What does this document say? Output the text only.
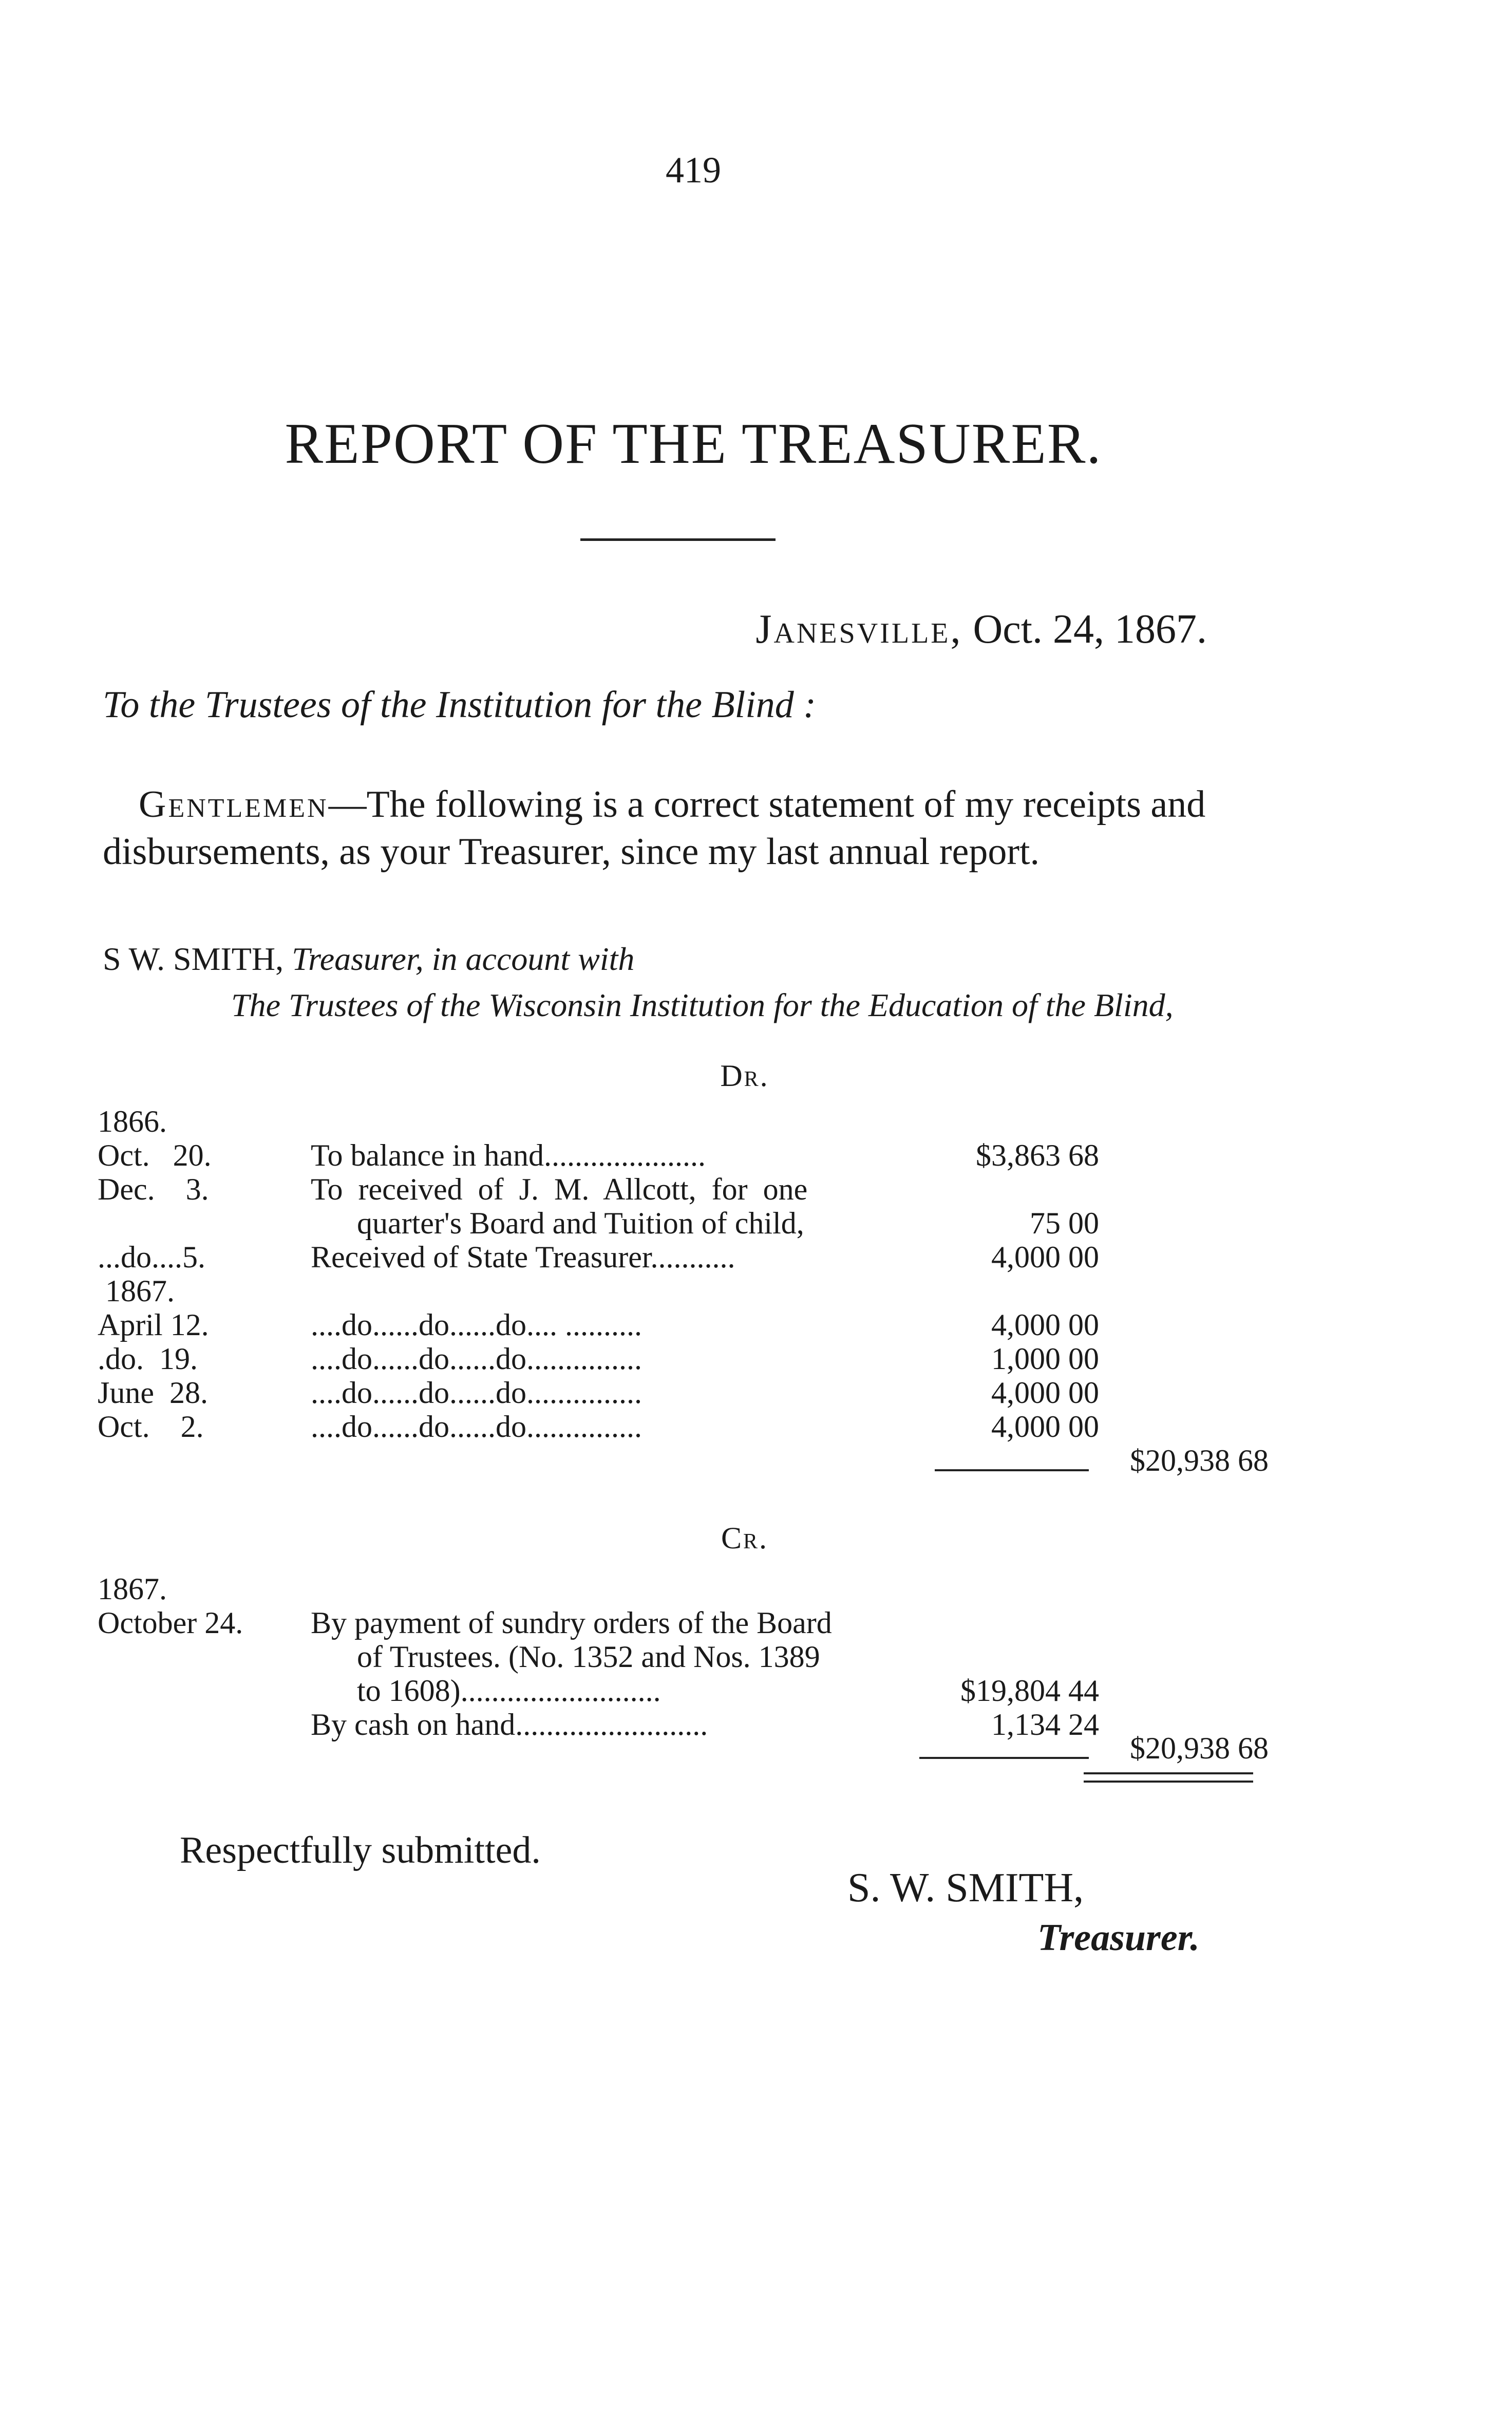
419
REPORT OF THE TREASURER.
Janesville, Oct. 24, 1867.
To the Trustees of the Institution for the Blind :
Gentlemen—The following is a correct statement of my receipts and disbursements, as your Treasurer, since my last annual report.
S W. SMITH, Treasurer, in account with
The Trustees of the Wisconsin Institution for the Education of the Blind,
Dr.
1866.
Oct.   20.	To balance in hand.....................	$3,863 68
Dec.    3.	To  received  of  J.  M.  Allcott,  for  one
quarter's Board and Tuition of child,	75 00
...do....5.	Received of State Treasurer...........	4,000 00
1867.
April 12.	....do......do......do.... ..........	4,000 00
.do.  19.	....do......do......do...............	1,000 00
June  28.	....do......do......do...............	4,000 00
Oct.    2.	....do......do......do...............	4,000 00
$20,938 68
Cr.
1867.
October 24. By payment of sundry orders of the Board
of Trustees. (No. 1352 and Nos. 1389
to 1608)..........................	$19,804 44
By cash on hand.........................	1,134 24
$20,938 68
Respectfully submitted.
S. W. SMITH,
Treasurer.
